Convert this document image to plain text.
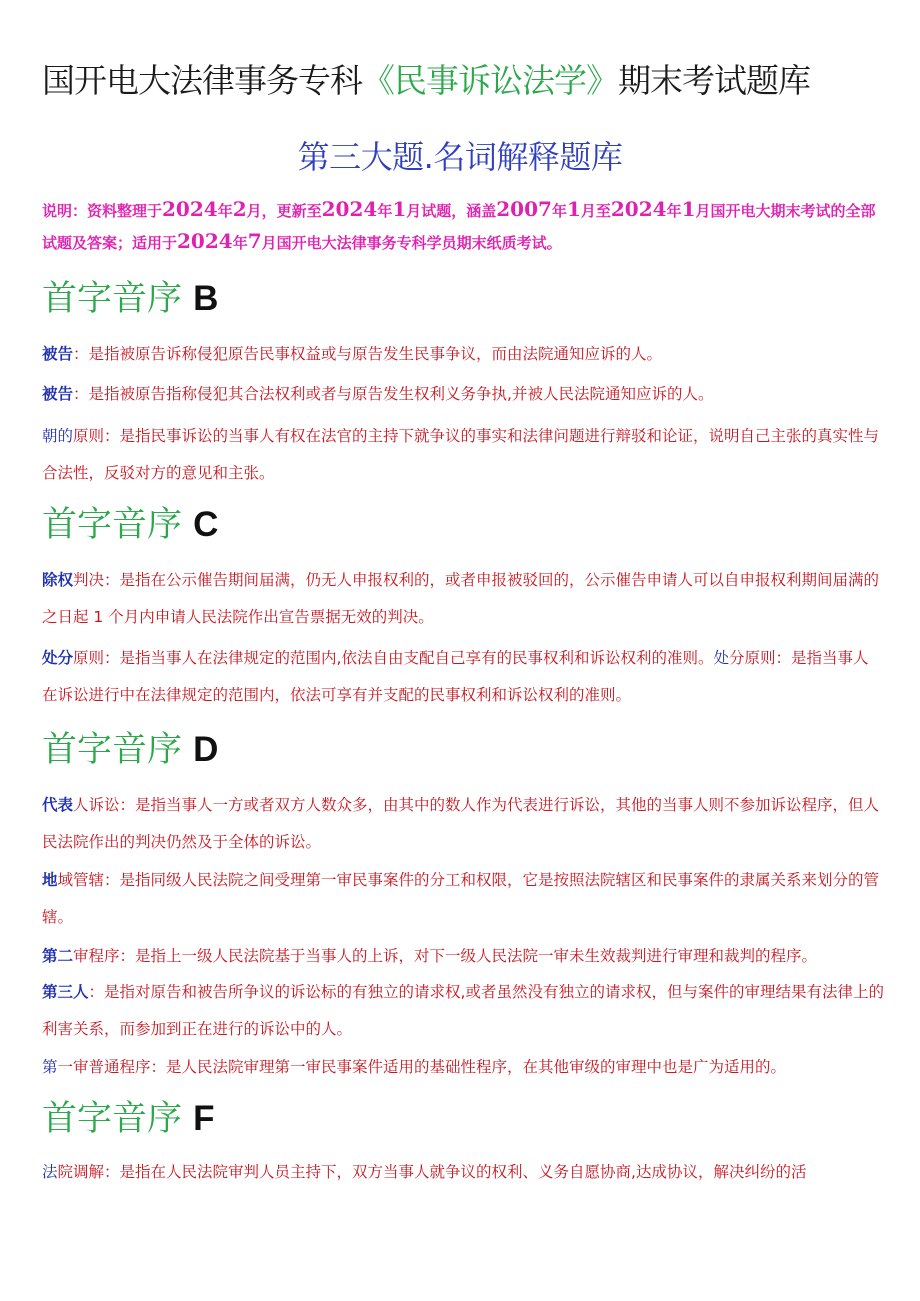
国开电大法律事务专科《民事诉讼法学》期末考试题库
第三大题.名词解释题库
说明：资料整理于2024年2月，更新至2024年1月试题，涵盖2007年1月至2024年1月国开电大期末考试的全部试题及答案；适用于2024年7月国开电大法律事务专科学员期末纸质考试。
首字音序 B
被告：是指被原告诉称侵犯原告民事权益或与原告发生民事争议，而由法院通知应诉的人。
被告：是指被原告指称侵犯其合法权利或者与原告发生权利义务争执,并被人民法院通知应诉的人。
朝的原则：是指民事诉讼的当事人有权在法官的主持下就争议的事实和法律问题进行辩驳和论证，说明自己主张的真实性与合法性，反驳对方的意见和主张。
首字音序 C
除权判决：是指在公示催告期间届满，仍无人申报权利的，或者申报被驳回的，公示催告申请人可以自申报权利期间届满的之日起 1 个月内申请人民法院作出宣告票据无效的判决。
处分原则：是指当事人在法律规定的范围内,依法自由支配自己享有的民事权利和诉讼权利的准则。处分原则：是指当事人在诉讼进行中在法律规定的范围内，依法可享有并支配的民事权利和诉讼权利的准则。
首字音序 D
代表人诉讼：是指当事人一方或者双方人数众多，由其中的数人作为代表进行诉讼，其他的当事人则不参加诉讼程序，但人民法院作出的判决仍然及于全体的诉讼。
地域管辖：是指同级人民法院之间受理第一审民事案件的分工和权限，它是按照法院辖区和民事案件的隶属关系来划分的管辖。
第二审程序：是指上一级人民法院基于当事人的上诉，对下一级人民法院一审未生效裁判进行审理和裁判的程序。
第三人：是指对原告和被告所争议的诉讼标的有独立的请求权,或者虽然没有独立的请求权，但与案件的审理结果有法律上的利害关系，而参加到正在进行的诉讼中的人。
第一审普通程序：是人民法院审理第一审民事案件适用的基础性程序，在其他审级的审理中也是广为适用的。
首字音序 F
法院调解：是指在人民法院审判人员主持下，双方当事人就争议的权利、义务自愿协商,达成协议，解决纠纷的活
